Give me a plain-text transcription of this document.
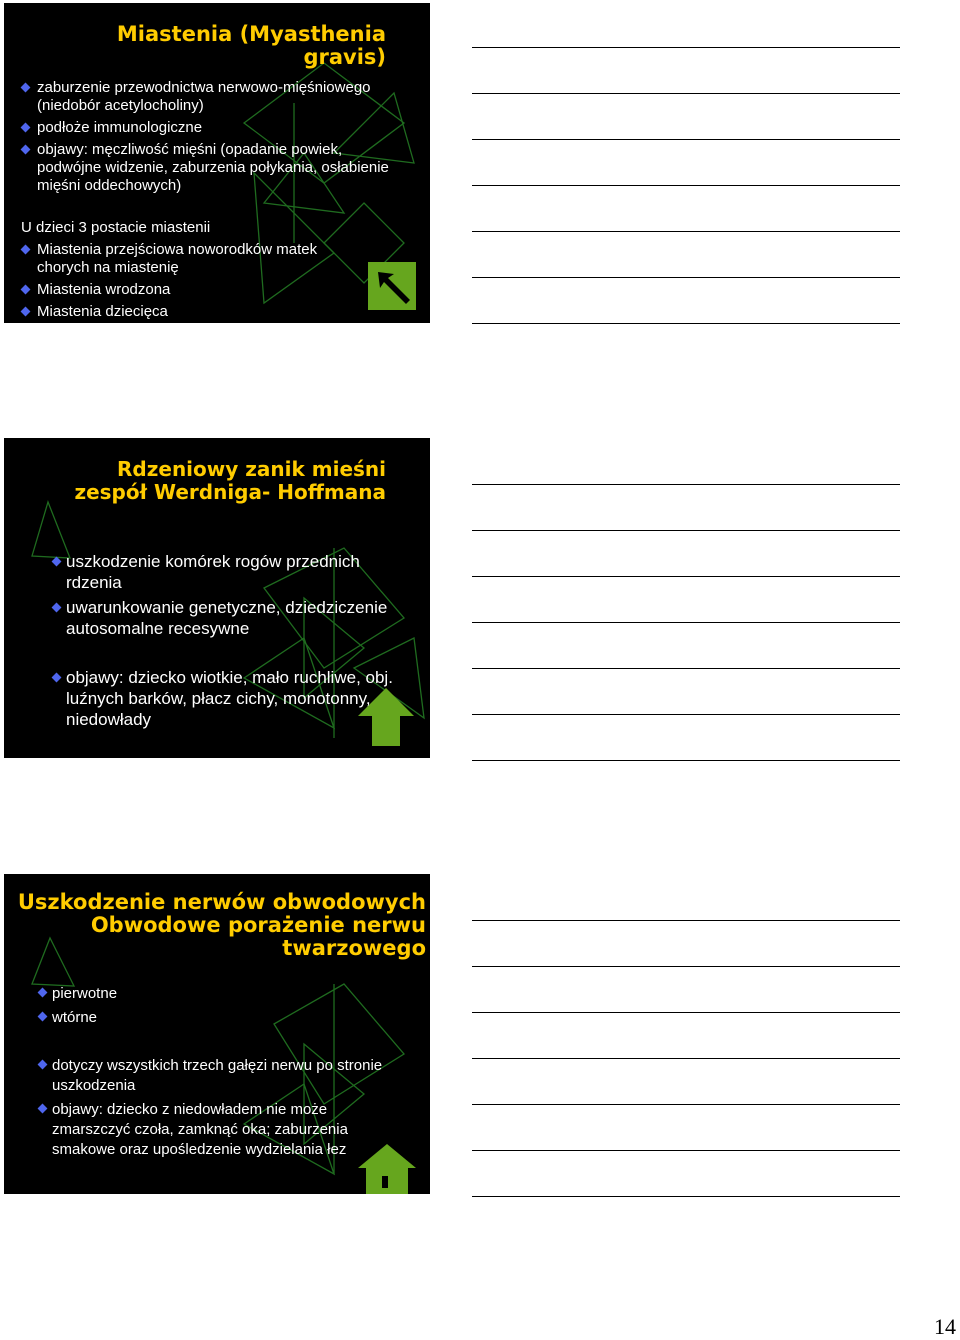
Miastenia (Myasthenia
gravis)
zaburzenie przewodnictwa nerwowo-mięśniowego (niedobór acetylocholiny)
podłoże immunologiczne
objawy: męczliwość mięśni (opadanie powiek, podwójne widzenie, zaburzenia połykania, osłabienie mięśni oddechowych)
U dzieci 3 postacie miastenii
Miastenia przejściowa noworodków matek chorych na miastenię
Miastenia wrodzona
Miastenia dziecięca
Rdzeniowy zanik mieśni
zespół Werdniga- Hoffmana
uszkodzenie komórek rogów przednich rdzenia
uwarunkowanie genetyczne, dziedziczenie autosomalne recesywne
objawy: dziecko wiotkie, mało ruchliwe, obj. luźnych barków, płacz cichy, monotonny, niedowłady
Uszkodzenie nerwów obwodowych
Obwodowe porażenie nerwu
twarzowego
pierwotne
wtórne
dotyczy wszystkich trzech gałęzi nerwu po stronie uszkodzenia
objawy: dziecko z niedowładem nie może zmarszczyć czoła, zamknąć oka; zaburzenia smakowe oraz upośledzenie wydzielania łez
14
